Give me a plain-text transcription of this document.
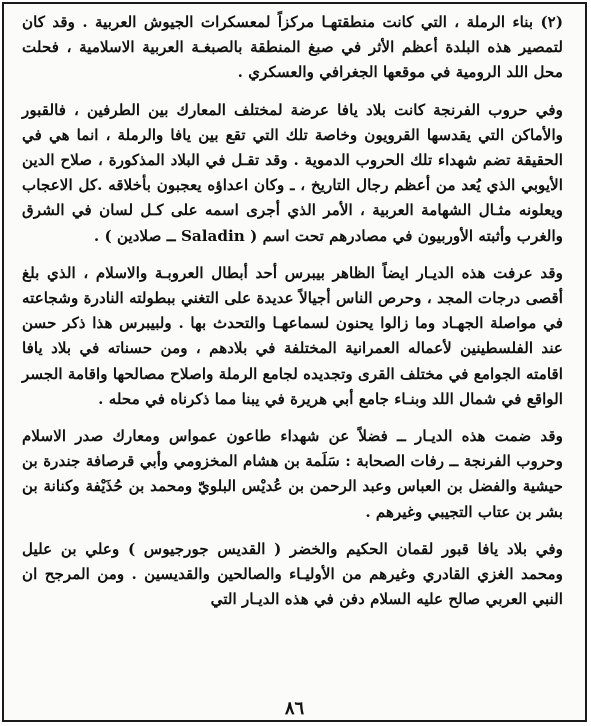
(٢) بناء الرملة ، التي كانت منطقتهـا مركزاً لمعسكرات الجيوش العربية . وقد كان لتمصير هذه البلدة أعظم الأثر في صبغ المنطقة بالصبغـة العربية الاسلامية ، فحلت محل اللد الرومية في موقعها الجغرافي والعسكري .

وفي حروب الفرنجة كانت بلاد يافا عرضة لمختلف المعارك بين الطرفين ، فالقبور والأماكن التي يقدسها القرويون وخاصة تلك التي تقع بين يافا والرملة ، انما هي في الحقيقة تضم شهداء تلك الحروب الدموية . وقد تقـل في البلاد المذكورة ، صلاح الدين الأيوبي الذي يُعد من أعظم رجال التاريخ ، ـ وكان اعداؤه يعجبون بأخلاقه .كل الاعجاب ويعلونه مثـال الشهامة العربية ، الأمر الذي أجرى اسمه على كـل لسان في الشرق والغرب وأثبته الأوربيون في مصادرهم تحت اسم ( Saladin ــ صلادين ) .

وقد عرفت هذه الديـار ايضاً الظاهر بيبرس أحد أبطال العروبـة والاسلام ، الذي بلغ أقصى درجات المجد ، وحرص الناس أجيالاً عديدة على التغني ببطولته النادرة وشجاعته في مواصلة الجهـاد وما زالوا يحنون لسماعهـا والتحدث بها . ولبيبرس هذا ذكر حسن عند الفلسطينين لأعماله العمرانية المختلفة في بلادهم ، ومن حسناته في بلاد يافا اقامته الجوامع في مختلف القرى وتجديده لجامع الرملة واصلاح مصالحها واقامة الجسر الواقع في شمال اللد وبنـاء جامع أبي هريرة في يبنا مما ذكرناه في محله .

وقد ضمت هذه الديـار ــ فضلاً عن شهداء طاعون عمواس ومعارك صدر الاسلام وحروب الفرنجة ــ رفات الصحابة : سَلَمة بن هشام المخزومي وأبي قرصافة جندرة بن حيشية والفضل بن العباس وعبد الرحمن بن عُديْس البلويّ ومحمد بن حُذَيْفة وكنانة بن بشر بن عتاب التجيبي وغيرهم .

وفي بلاد يافا قبور لقمان الحكيم والخضر ( القديس جورجيوس ) وعلي بن عليل ومحمد الغزي القادري وغيرهم من الأوليـاء والصالحين والقديسين . ومن المرجح ان النبي العربي صالح عليه السلام دفن في هذه الديـار التي

٨٦
